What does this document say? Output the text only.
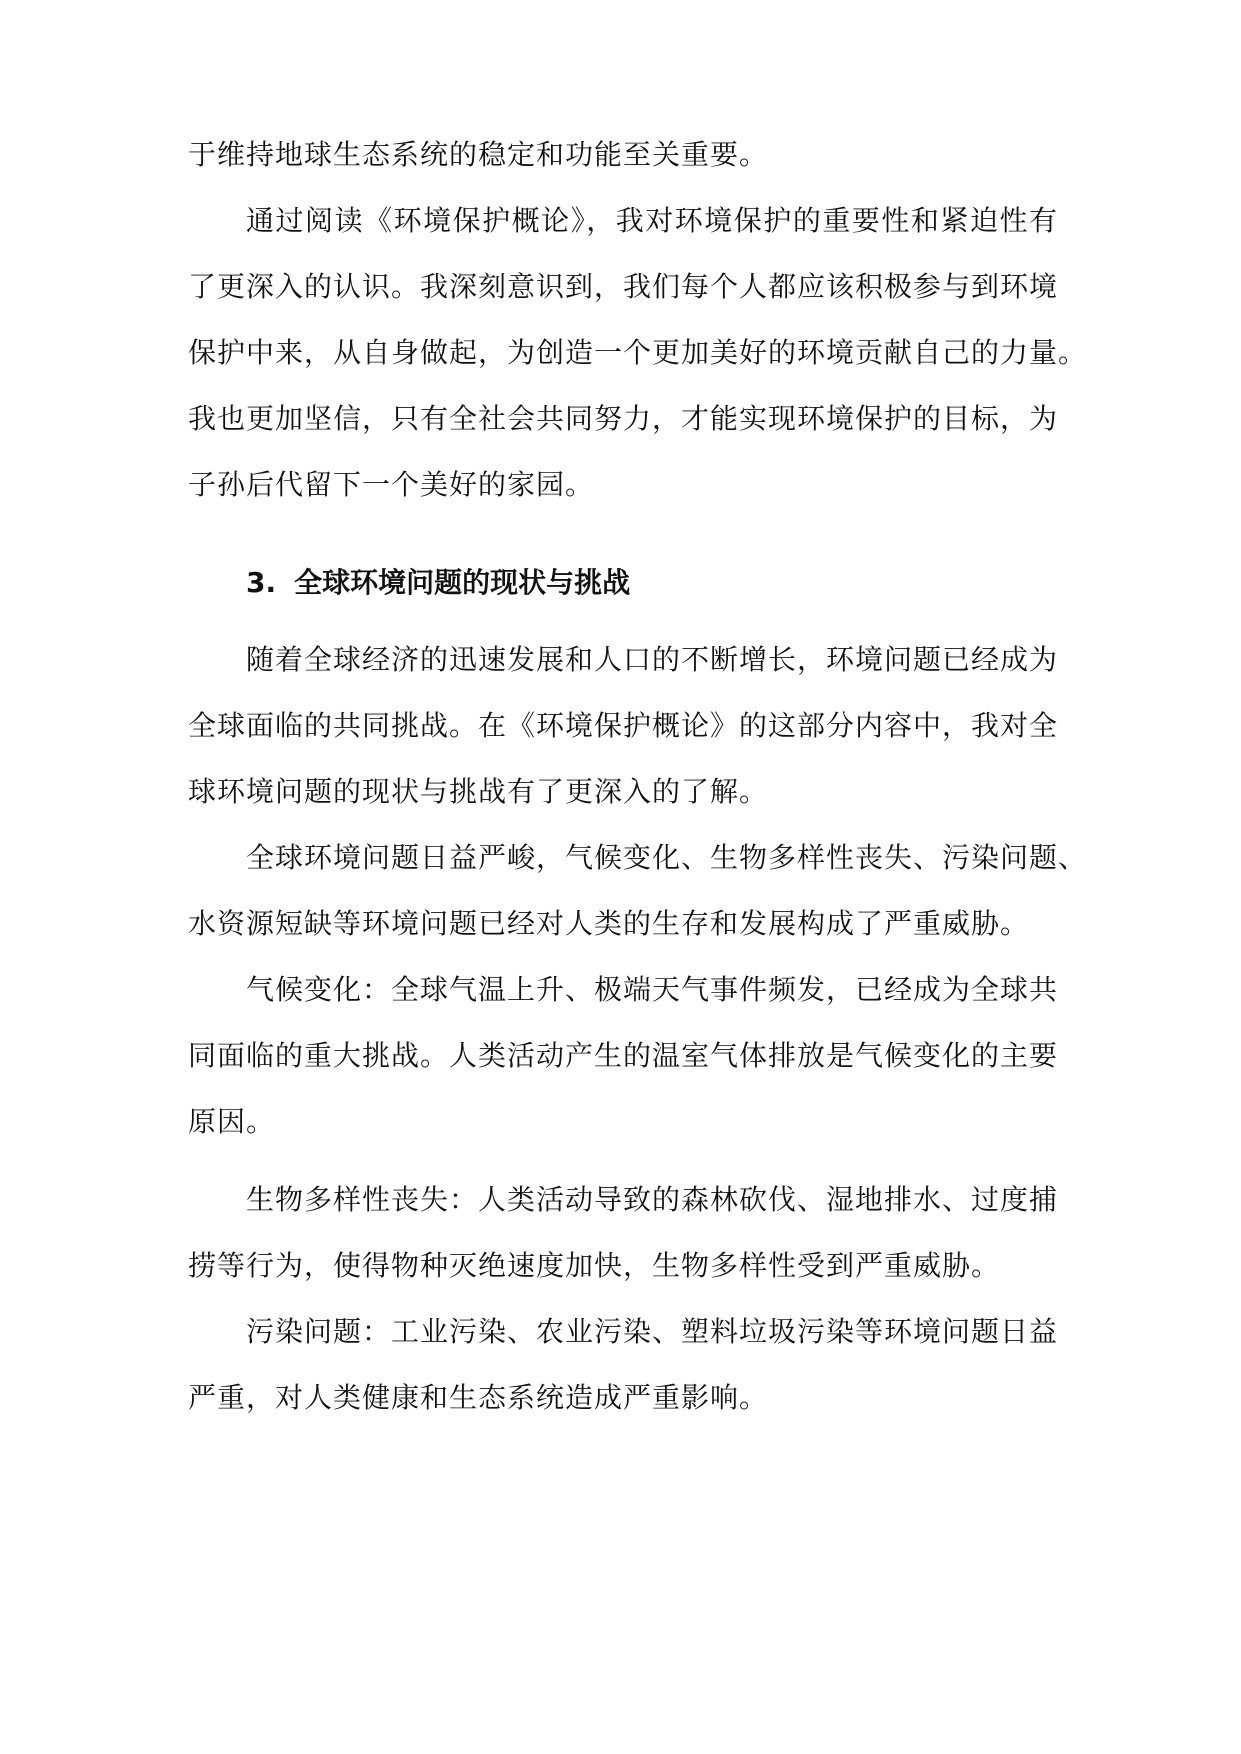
于维持地球生态系统的稳定和功能至关重要。
通过阅读《环境保护概论》，我对环境保护的重要性和紧迫性有
了更深入的认识。我深刻意识到，我们每个人都应该积极参与到环境
保护中来，从自身做起，为创造一个更加美好的环境贡献自己的力量。
我也更加坚信，只有全社会共同努力，才能实现环境保护的目标，为
子孙后代留下一个美好的家园。
3. 全球环境问题的现状与挑战
随着全球经济的迅速发展和人口的不断增长，环境问题已经成为
全球面临的共同挑战。在《环境保护概论》的这部分内容中，我对全
球环境问题的现状与挑战有了更深入的了解。
全球环境问题日益严峻，气候变化、生物多样性丧失、污染问题、
水资源短缺等环境问题已经对人类的生存和发展构成了严重威胁。
气候变化：全球气温上升、极端天气事件频发，已经成为全球共
同面临的重大挑战。人类活动产生的温室气体排放是气候变化的主要
原因。
生物多样性丧失：人类活动导致的森林砍伐、湿地排水、过度捕
捞等行为，使得物种灭绝速度加快，生物多样性受到严重威胁。
污染问题：工业污染、农业污染、塑料垃圾污染等环境问题日益
严重，对人类健康和生态系统造成严重影响。
